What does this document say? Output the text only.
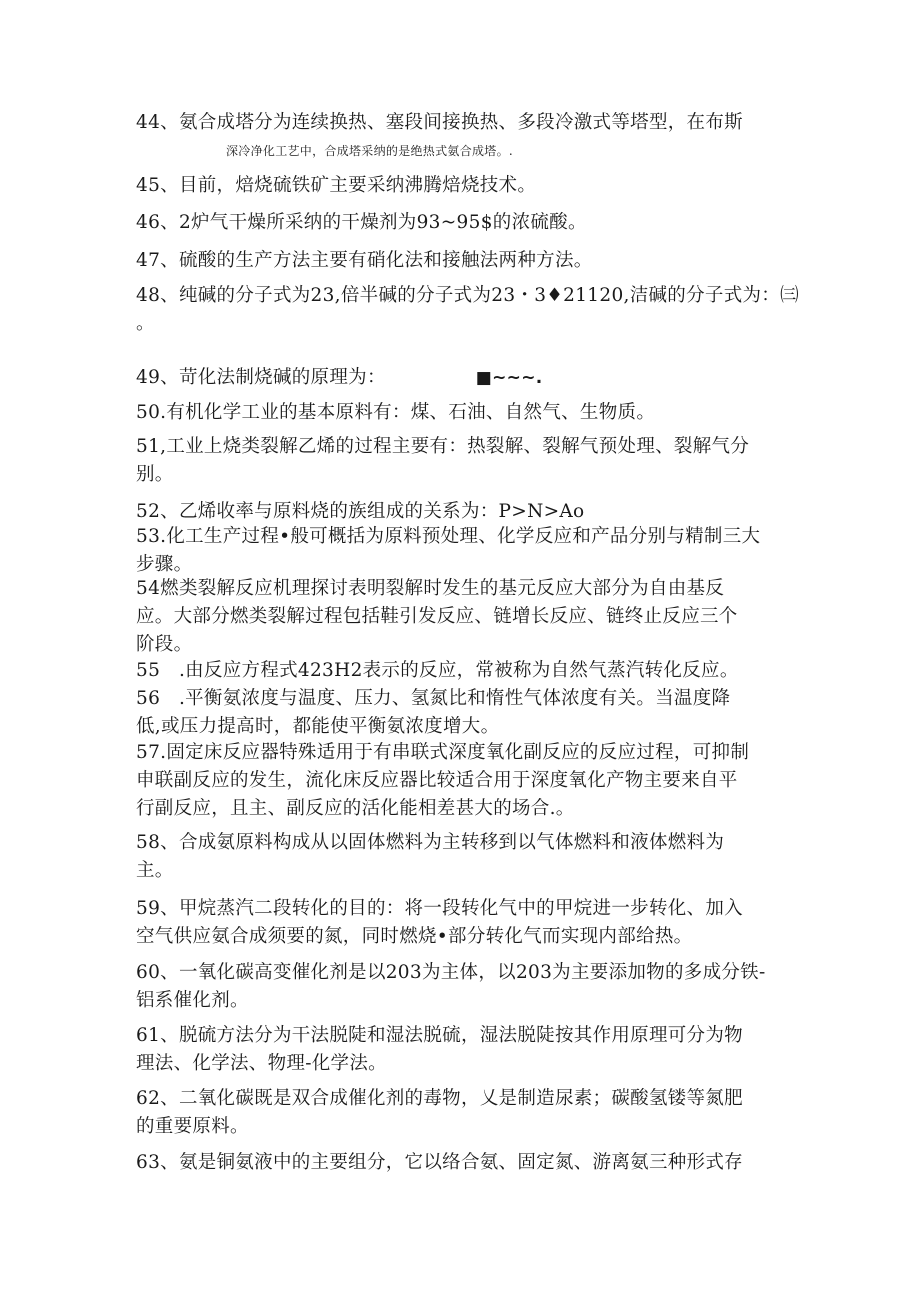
44、氨合成塔分为连续换热、塞段间接换热、多段冷激式等塔型，在布斯
深冷净化工艺中，合成塔采纳的是绝热式氨合成塔。.
45、目前，焙烧硫铁矿主要采纳沸腾焙烧技术。
46、2炉气干燥所采纳的干燥剂为93~95$的浓硫酸。
47、硫酸的生产方法主要有硝化法和接触法两种方法。
48、纯碱的分子式为23,倍半碱的分子式为23・3♦21120,洁碱的分子式为：㈢
。
49、苛化法制烧碱的原理为：	■~~~.
50.有机化学工业的基本原料有：煤、石油、自然气、生物质。
51,工业上烧类裂解乙烯的过程主要有：热裂解、裂解气预处理、裂解气分
别。
52、乙烯收率与原料烧的族组成的关系为：P>N>Ao
53.化工生产过程•般可概括为原料预处理、化学反应和产品分别与精制三大
步骤。
54燃类裂解反应机理探讨表明裂解时发生的基元反应大部分为自由基反
应。大部分燃类裂解过程包括鞋引发反应、链增长反应、链终止反应三个
阶段。
55　.由反应方程式423H2表示的反应，常被称为自然气蒸汽转化反应。
56　.平衡氨浓度与温度、压力、氢氮比和惰性气体浓度有关。当温度降
低,或压力提高时，都能使平衡氨浓度增大。
57.固定床反应器特殊适用于有串联式深度氧化副反应的反应过程，可抑制
申联副反应的发生，流化床反应器比较适合用于深度氧化产物主要来自平
行副反应，且主、副反应的活化能相差甚大的场合.。
58、合成氨原料构成从以固体燃料为主转移到以气体燃料和液体燃料为
主。
59、甲烷蒸汽二段转化的目的：将一段转化气中的甲烷进一步转化、加入
空气供应氨合成须要的氮，同时燃烧•部分转化气而实现内部给热。
60、一氧化碳高变催化剂是以203为主体，以203为主要添加物的多成分铁-
铝系催化剂。
61、脱硫方法分为干法脱陡和湿法脱硫，湿法脱陡按其作用原理可分为物
理法、化学法、物理-化学法。
62、二氧化碳既是双合成催化剂的毒物，乂是制造尿素；碳酸氢镂等氮肥
的重要原料。
63、氨是铜氨液中的主要组分，它以络合氨、固定氮、游离氨三种形式存
